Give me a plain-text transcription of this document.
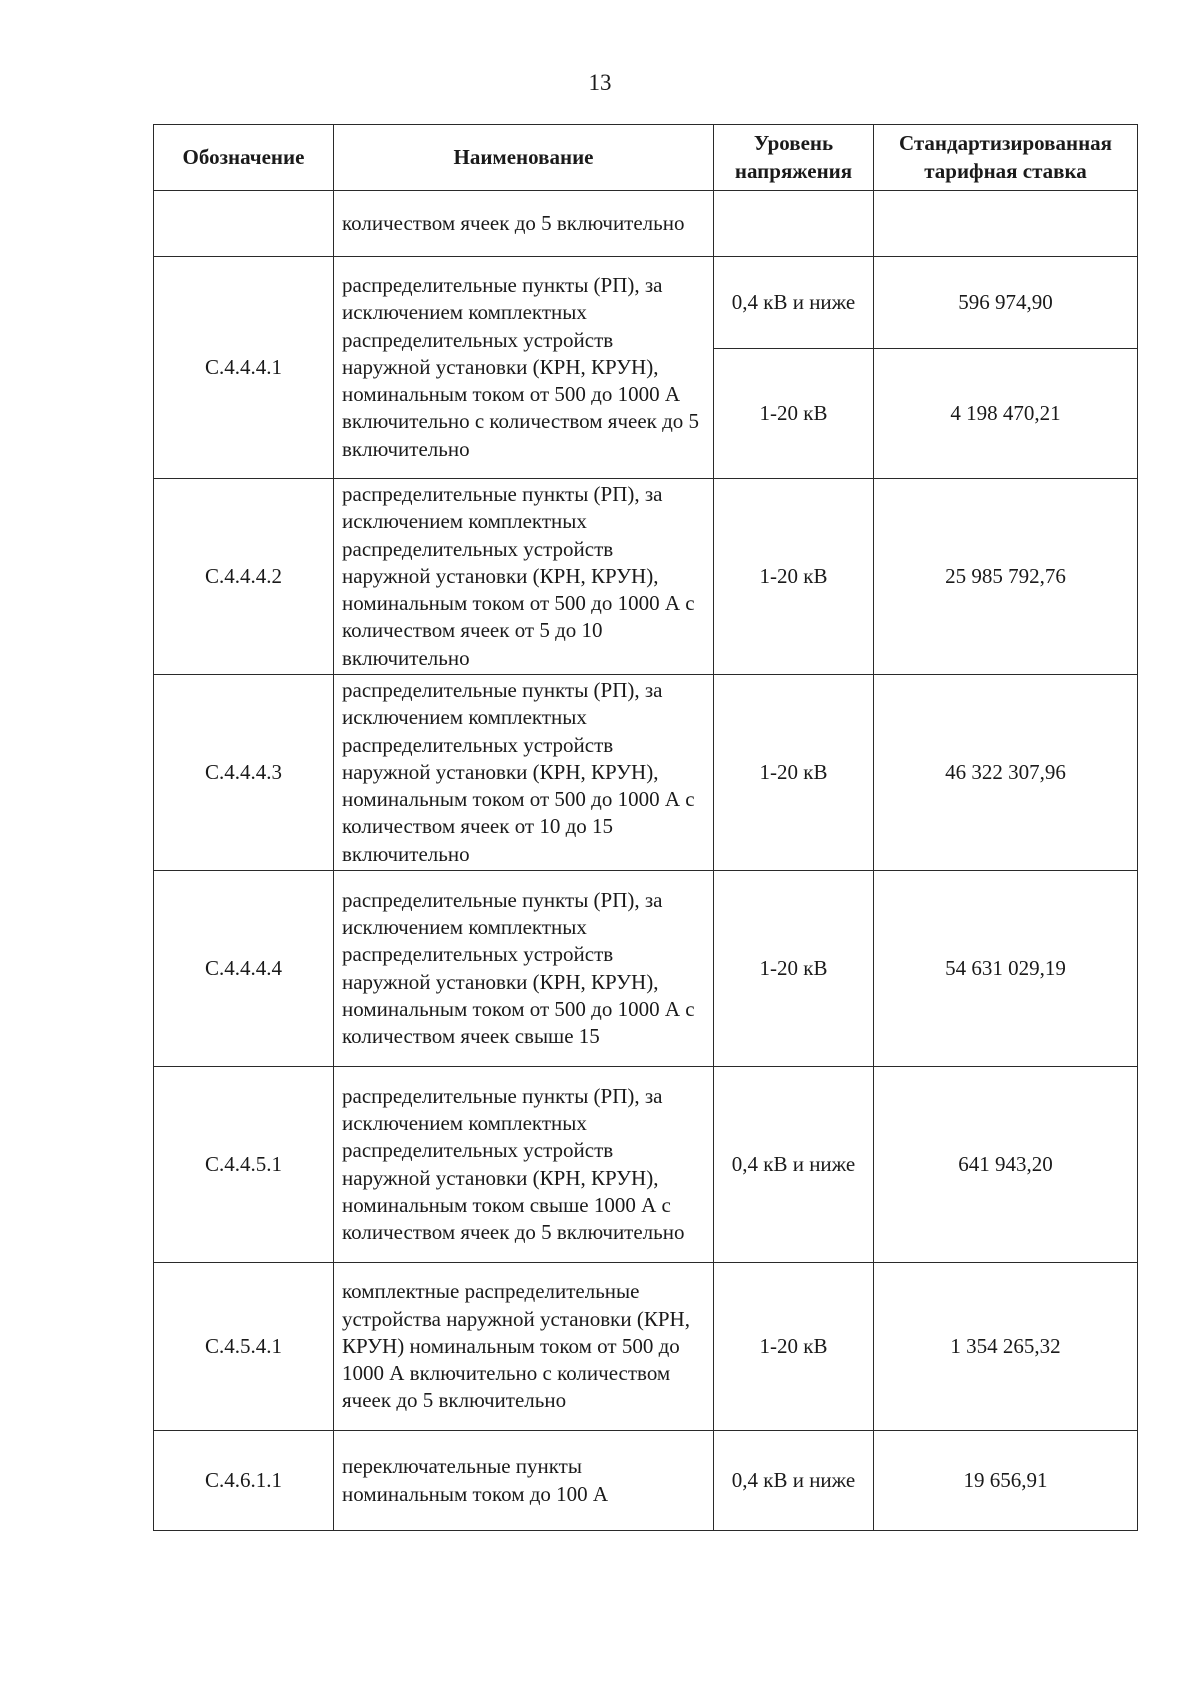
13
Обозначение	Наименование	Уровень напряжения	Стандартизированная тарифная ставка
	количеством ячеек до 5 включительно		
С.4.4.4.1	распределительные пункты (РП), за исключением комплектных распределительных устройств наружной установки (КРН, КРУН), номинальным током от 500 до 1000 А включительно с количеством ячеек до 5 включительно	0,4 кВ и ниже	596 974,90
		1-20 кВ	4 198 470,21
С.4.4.4.2	распределительные пункты (РП), за исключением комплектных распределительных устройств наружной установки (КРН, КРУН), номинальным током от 500 до 1000 А с количеством ячеек от 5 до 10 включительно	1-20 кВ	25 985 792,76
С.4.4.4.3	распределительные пункты (РП), за исключением комплектных распределительных устройств наружной установки (КРН, КРУН), номинальным током от 500 до 1000 А с количеством ячеек от 10 до 15 включительно	1-20 кВ	46 322 307,96
С.4.4.4.4	распределительные пункты (РП), за исключением комплектных распределительных устройств наружной установки (КРН, КРУН), номинальным током от 500 до 1000 А с количеством ячеек свыше 15	1-20 кВ	54 631 029,19
С.4.4.5.1	распределительные пункты (РП), за исключением комплектных распределительных устройств наружной установки (КРН, КРУН), номинальным током свыше 1000 А с количеством ячеек до 5 включительно	0,4 кВ и ниже	641 943,20
С.4.5.4.1	комплектные распределительные устройства наружной установки (КРН, КРУН) номинальным током от 500 до 1000 А включительно с количеством ячеек до 5 включительно	1-20 кВ	1 354 265,32
С.4.6.1.1	переключательные пункты номинальным током до 100 А	0,4 кВ и ниже	19 656,91
